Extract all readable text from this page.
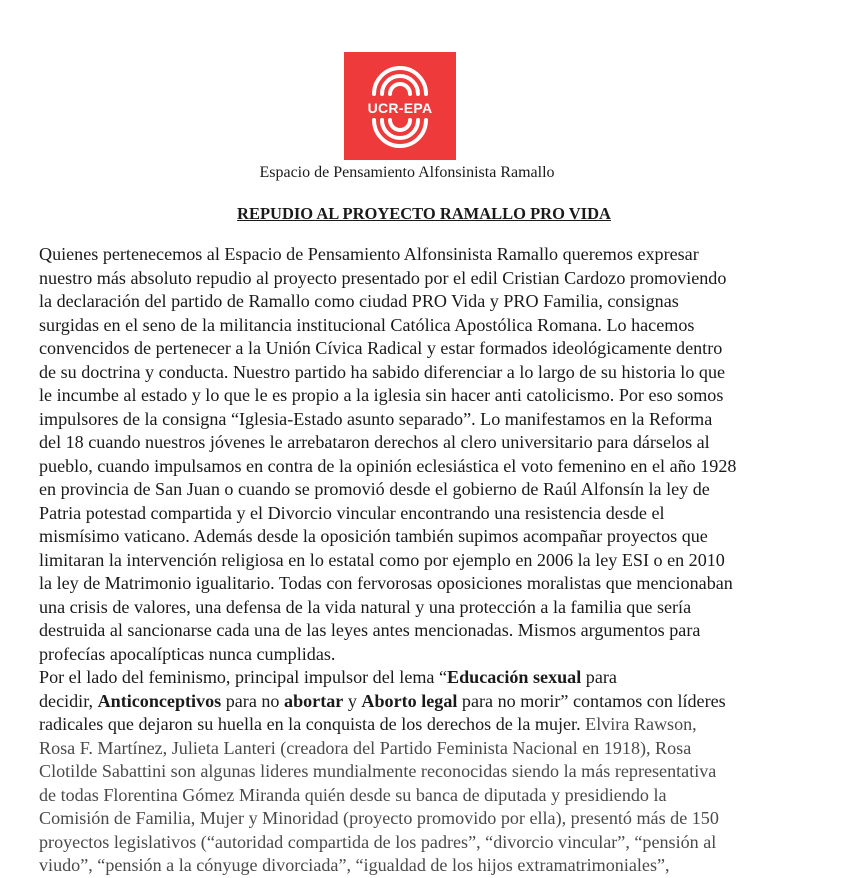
UCR-EPA
Espacio de Pensamiento Alfonsinista Ramallo
REPUDIO AL PROYECTO RAMALLO PRO VIDA

Quienes pertenecemos al Espacio de Pensamiento Alfonsinista Ramallo queremos expresar
nuestro más absoluto repudio al proyecto presentado por el edil Cristian Cardozo promoviendo
la declaración del partido de Ramallo como ciudad PRO Vida y PRO Familia, consignas
surgidas en el seno de la militancia institucional Católica Apostólica Romana. Lo hacemos
convencidos de pertenecer a la Unión Cívica Radical y estar formados ideológicamente dentro
de su doctrina y conducta. Nuestro partido ha sabido diferenciar a lo largo de su historia lo que
le incumbe al estado y lo que le es propio a la iglesia sin hacer anti catolicismo. Por eso somos
impulsores de la consigna “Iglesia-Estado asunto separado”. Lo manifestamos en la Reforma
del 18 cuando nuestros jóvenes le arrebataron derechos al clero universitario para dárselos al
pueblo, cuando impulsamos en contra de la opinión eclesiástica el voto femenino en el año 1928
en provincia de San Juan o cuando se promovió desde el gobierno de Raúl Alfonsín la ley de
Patria potestad compartida y el Divorcio vincular encontrando una resistencia desde el
mismísimo vaticano. Además desde la oposición también supimos acompañar proyectos que
limitaran la intervención religiosa en lo estatal como por ejemplo en 2006 la ley ESI o en 2010
la ley de Matrimonio igualitario. Todas con fervorosas oposiciones moralistas que mencionaban
una crisis de valores, una defensa de la vida natural y una protección a la familia que sería
destruida al sancionarse cada una de las leyes antes mencionadas. Mismos argumentos para
profecías apocalípticas nunca cumplidas.

Por el lado del feminismo, principal impulsor del lema “Educación sexual para
decidir, Anticonceptivos para no abortar y Aborto legal para no morir” contamos con líderes
radicales que dejaron su huella en la conquista de los derechos de la mujer. Elvira Rawson,
Rosa F. Martínez, Julieta Lanteri (creadora del Partido Feminista Nacional en 1918), Rosa
Clotilde Sabattini son algunas lideres mundialmente reconocidas siendo la más representativa
de todas Florentina Gómez Miranda quién desde su banca de diputada y presidiendo la
Comisión de Familia, Mujer y Minoridad (proyecto promovido por ella), presentó más de 150
proyectos legislativos (“autoridad compartida de los padres”, “divorcio vincular”, “pensión al
viudo”, “pensión a la cónyuge divorciada”, “igualdad de los hijos extramatrimoniales”,
